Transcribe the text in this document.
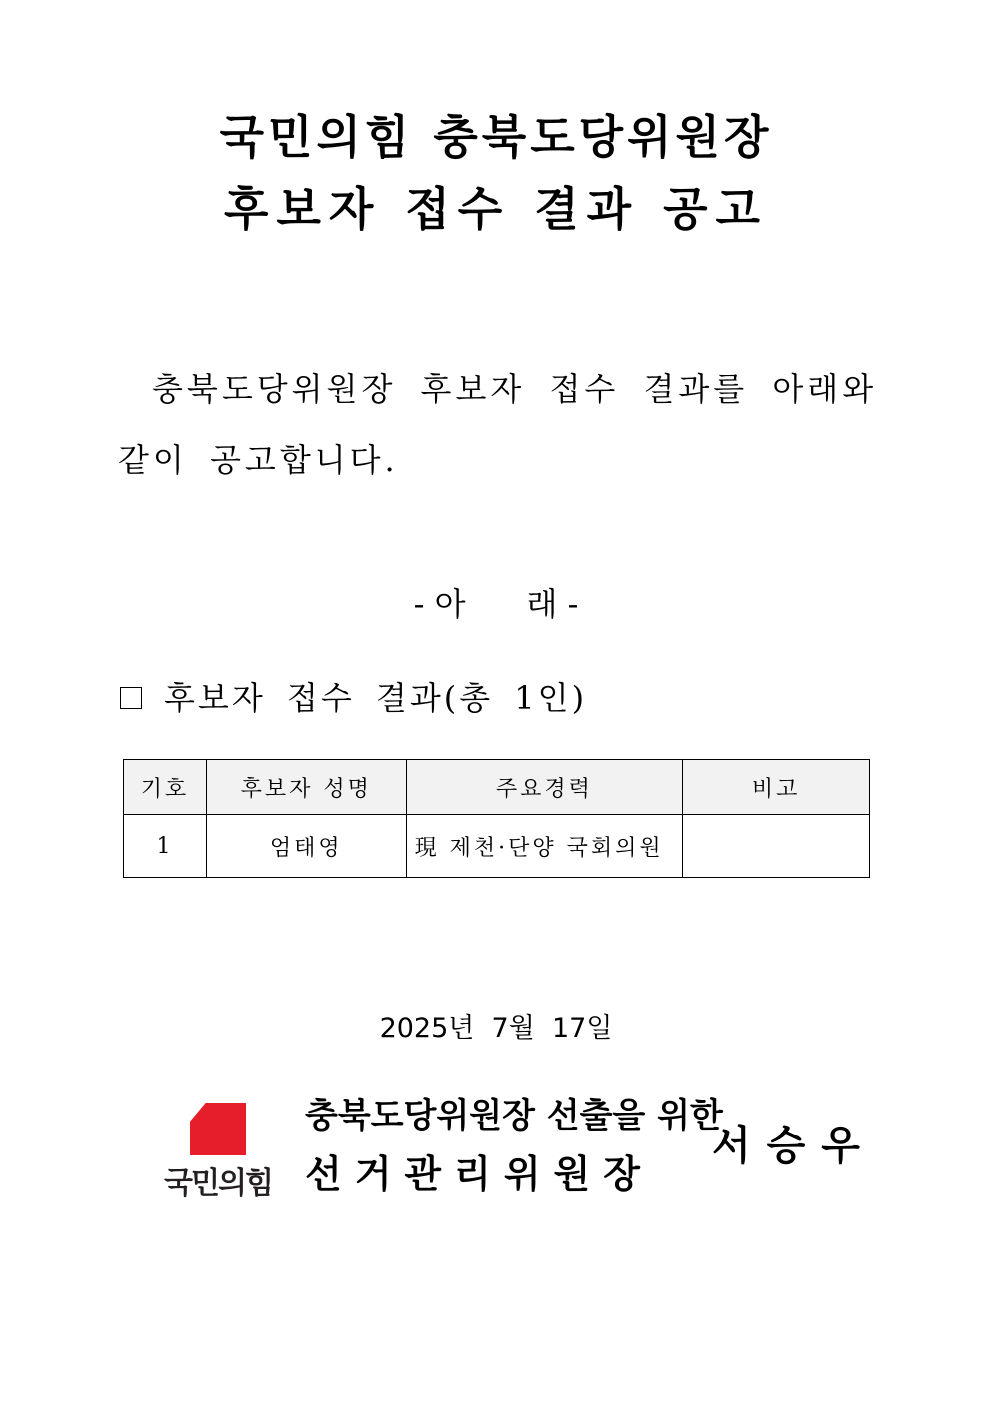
국민의힘 충북도당위원장
후보자 접수 결과 공고
충북도당위원장 후보자 접수 결과를 아래와
같이 공고합니다.
- 아      래 -
후보자 접수 결과(총 1인)
기호	후보자 성명	주요경력	비고
1	엄태영	現 제천·단양 국회의원	
2025년  7월  17일
국민의힘
충북도당위원장 선출을 위한
선거관리위원장
서승우
